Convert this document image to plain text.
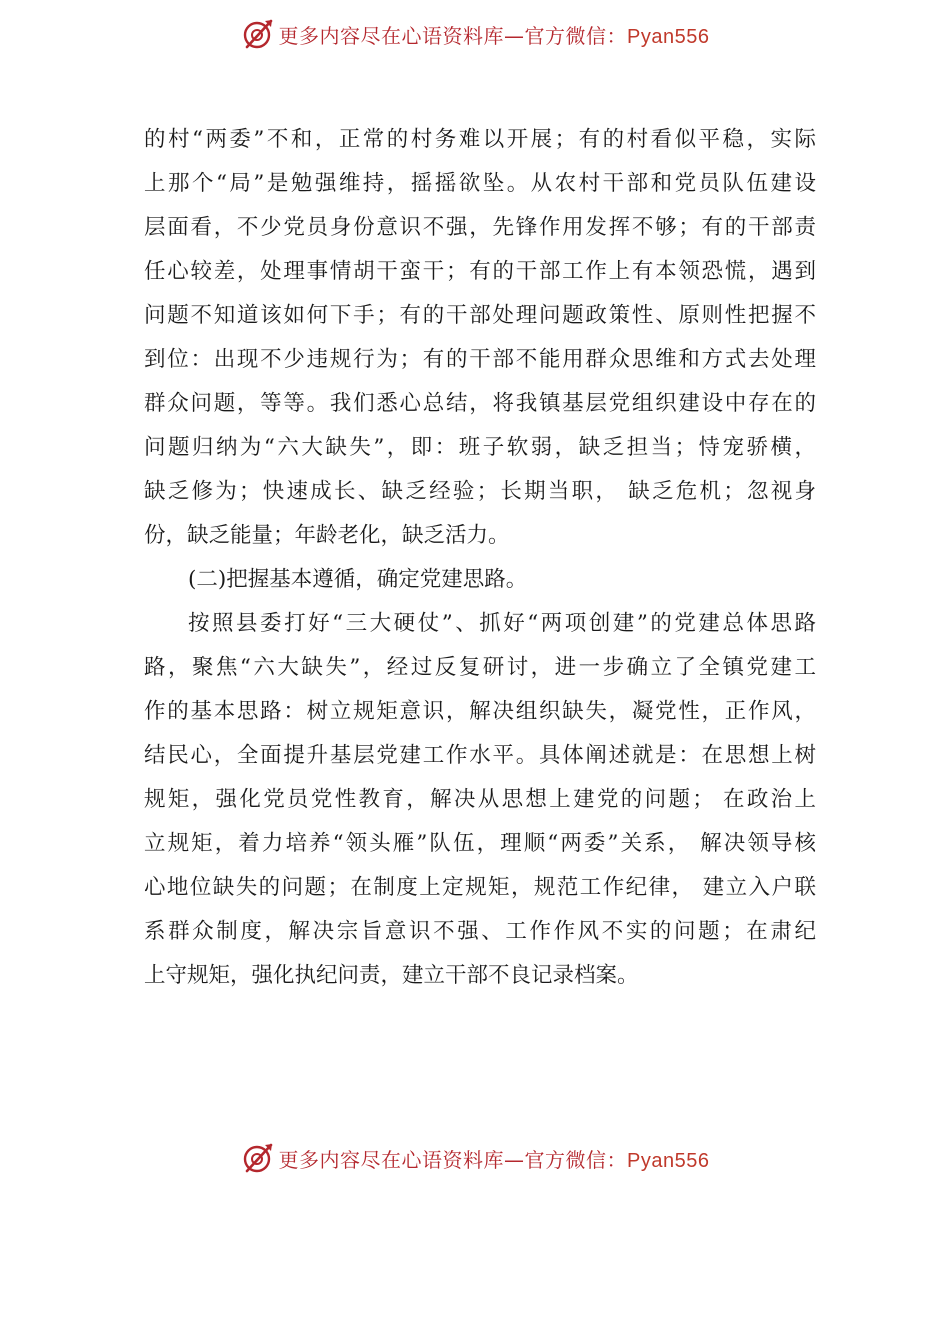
更多内容尽在心语资料库—官方微信：Pyan556
的村“两委”不和，正常的村务难以开展；有的村看似平稳，实际
上那个“局”是勉强维持，摇摇欲坠。从农村干部和党员队伍建设
层面看，不少党员身份意识不强，先锋作用发挥不够；有的干部责
任心较差，处理事情胡干蛮干；有的干部工作上有本领恐慌，遇到
问题不知道该如何下手；有的干部处理问题政策性、原则性把握不
到位：出现不少违规行为；有的干部不能用群众思维和方式去处理
群众问题，等等。我们悉心总结，将我镇基层党组织建设中存在的
问题归纳为“六大缺失”，即：班子软弱，缺乏担当；恃宠骄横，
缺乏修为；快速成长、缺乏经验；长期当职， 缺乏危机；忽视身
份，缺乏能量；年龄老化，缺乏活力。
(二)把握基本遵循，确定党建思路。
按照县委打好“三大硬仗”、抓好“两项创建”的党建总体思路
路，聚焦“六大缺失”，经过反复研讨，进一步确立了全镇党建工
作的基本思路：树立规矩意识，解决组织缺失，凝党性，正作风，
结民心，全面提升基层党建工作水平。具体阐述就是：在思想上树
规矩，强化党员党性教育，解决从思想上建党的问题； 在政治上
立规矩，着力培养“领头雁”队伍，理顺“两委”关系， 解决领导核
心地位缺失的问题；在制度上定规矩，规范工作纪律， 建立入户联
系群众制度，解决宗旨意识不强、工作作风不实的问题；在肃纪
上守规矩，强化执纪问责，建立干部不良记录档案。
更多内容尽在心语资料库—官方微信：Pyan556
